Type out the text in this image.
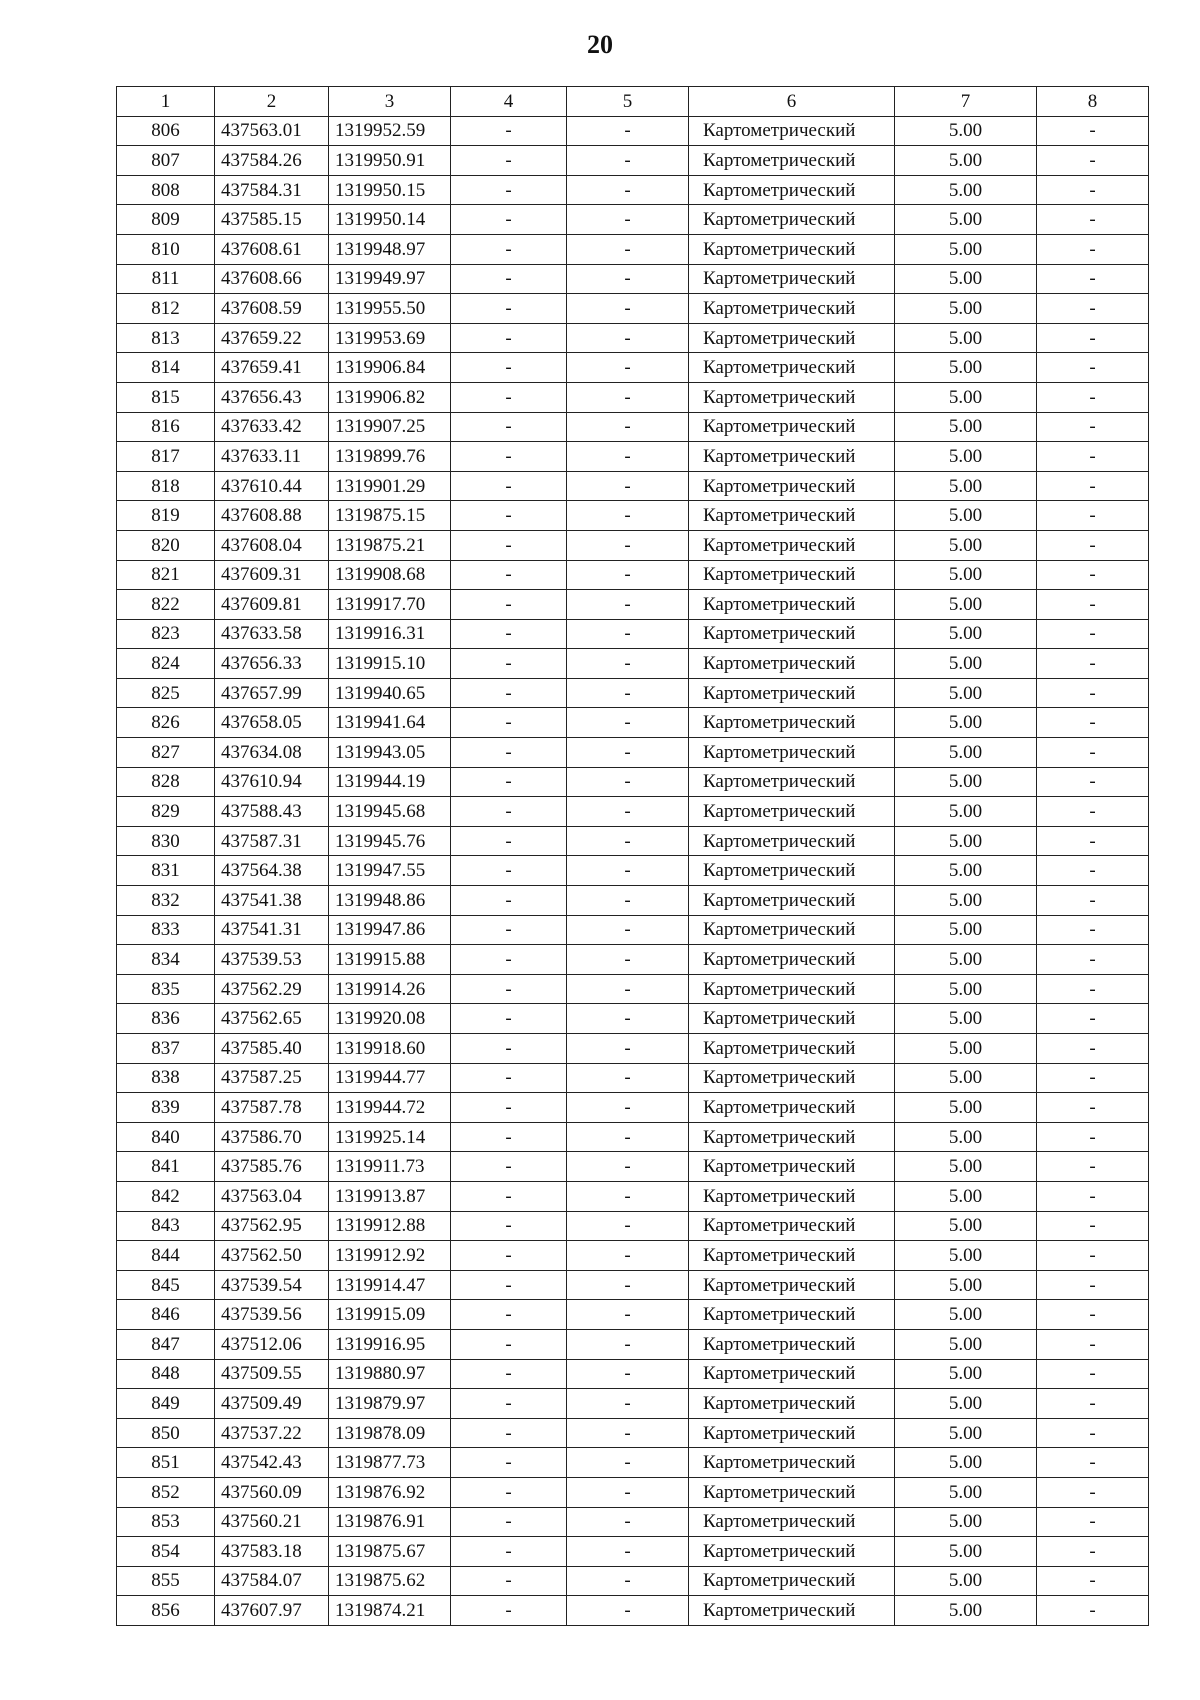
20
1	2	3	4	5	6	7	8
806	437563.01	1319952.59	-	-	Картометрический	5.00	-
807	437584.26	1319950.91	-	-	Картометрический	5.00	-
808	437584.31	1319950.15	-	-	Картометрический	5.00	-
809	437585.15	1319950.14	-	-	Картометрический	5.00	-
810	437608.61	1319948.97	-	-	Картометрический	5.00	-
811	437608.66	1319949.97	-	-	Картометрический	5.00	-
812	437608.59	1319955.50	-	-	Картометрический	5.00	-
813	437659.22	1319953.69	-	-	Картометрический	5.00	-
814	437659.41	1319906.84	-	-	Картометрический	5.00	-
815	437656.43	1319906.82	-	-	Картометрический	5.00	-
816	437633.42	1319907.25	-	-	Картометрический	5.00	-
817	437633.11	1319899.76	-	-	Картометрический	5.00	-
818	437610.44	1319901.29	-	-	Картометрический	5.00	-
819	437608.88	1319875.15	-	-	Картометрический	5.00	-
820	437608.04	1319875.21	-	-	Картометрический	5.00	-
821	437609.31	1319908.68	-	-	Картометрический	5.00	-
822	437609.81	1319917.70	-	-	Картометрический	5.00	-
823	437633.58	1319916.31	-	-	Картометрический	5.00	-
824	437656.33	1319915.10	-	-	Картометрический	5.00	-
825	437657.99	1319940.65	-	-	Картометрический	5.00	-
826	437658.05	1319941.64	-	-	Картометрический	5.00	-
827	437634.08	1319943.05	-	-	Картометрический	5.00	-
828	437610.94	1319944.19	-	-	Картометрический	5.00	-
829	437588.43	1319945.68	-	-	Картометрический	5.00	-
830	437587.31	1319945.76	-	-	Картометрический	5.00	-
831	437564.38	1319947.55	-	-	Картометрический	5.00	-
832	437541.38	1319948.86	-	-	Картометрический	5.00	-
833	437541.31	1319947.86	-	-	Картометрический	5.00	-
834	437539.53	1319915.88	-	-	Картометрический	5.00	-
835	437562.29	1319914.26	-	-	Картометрический	5.00	-
836	437562.65	1319920.08	-	-	Картометрический	5.00	-
837	437585.40	1319918.60	-	-	Картометрический	5.00	-
838	437587.25	1319944.77	-	-	Картометрический	5.00	-
839	437587.78	1319944.72	-	-	Картометрический	5.00	-
840	437586.70	1319925.14	-	-	Картометрический	5.00	-
841	437585.76	1319911.73	-	-	Картометрический	5.00	-
842	437563.04	1319913.87	-	-	Картометрический	5.00	-
843	437562.95	1319912.88	-	-	Картометрический	5.00	-
844	437562.50	1319912.92	-	-	Картометрический	5.00	-
845	437539.54	1319914.47	-	-	Картометрический	5.00	-
846	437539.56	1319915.09	-	-	Картометрический	5.00	-
847	437512.06	1319916.95	-	-	Картометрический	5.00	-
848	437509.55	1319880.97	-	-	Картометрический	5.00	-
849	437509.49	1319879.97	-	-	Картометрический	5.00	-
850	437537.22	1319878.09	-	-	Картометрический	5.00	-
851	437542.43	1319877.73	-	-	Картометрический	5.00	-
852	437560.09	1319876.92	-	-	Картометрический	5.00	-
853	437560.21	1319876.91	-	-	Картометрический	5.00	-
854	437583.18	1319875.67	-	-	Картометрический	5.00	-
855	437584.07	1319875.62	-	-	Картометрический	5.00	-
856	437607.97	1319874.21	-	-	Картометрический	5.00	-
